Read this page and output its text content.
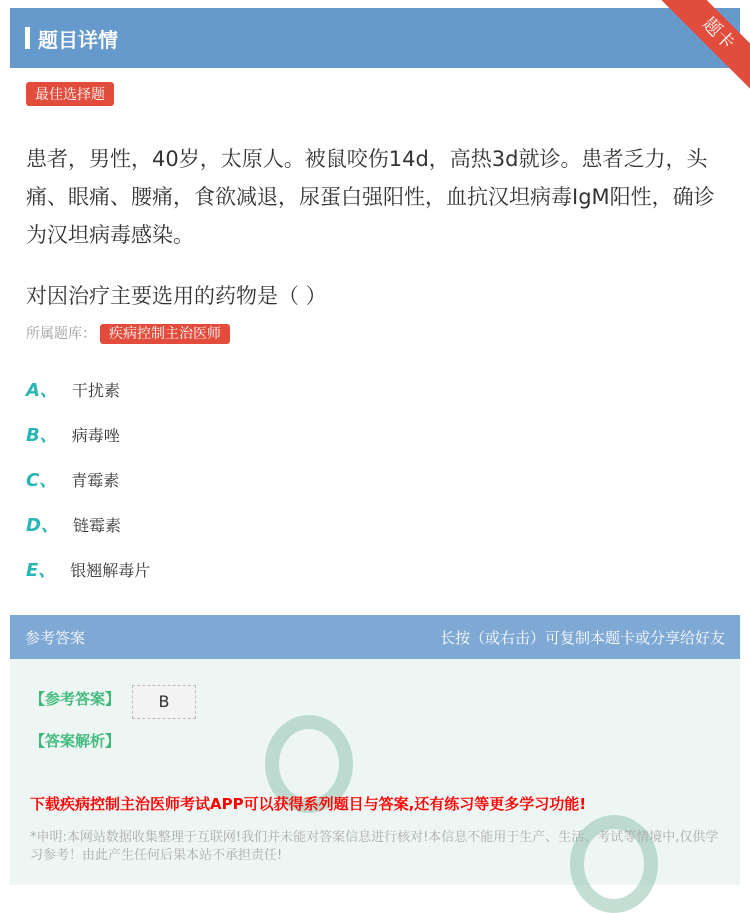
题目详情	题卡
最佳选择题
患者，男性，40岁，太原人。被鼠咬伤14d，高热3d就诊。患者乏力，头痛、眼痛、腰痛，食欲减退，尿蛋白强阳性，血抗汉坦病毒IgM阳性，确诊为汉坦病毒感染。
对因治疗主要选用的药物是（ ）
所属题库： 疾病控制主治医师
A、 干扰素
B、 病毒唑
C、 青霉素
D、 链霉素
E、 银翘解毒片
参考答案	长按（或右击）可复制本题卡或分享给好友
【参考答案】	B
【答案解析】
下载疾病控制主治医师考试APP可以获得系列题目与答案,还有练习等更多学习功能!
*申明:本网站数据收集整理于互联网!我们并未能对答案信息进行核对!本信息不能用于生产、生活、考试等情境中,仅供学习参考！由此产生任何后果本站不承担责任!
